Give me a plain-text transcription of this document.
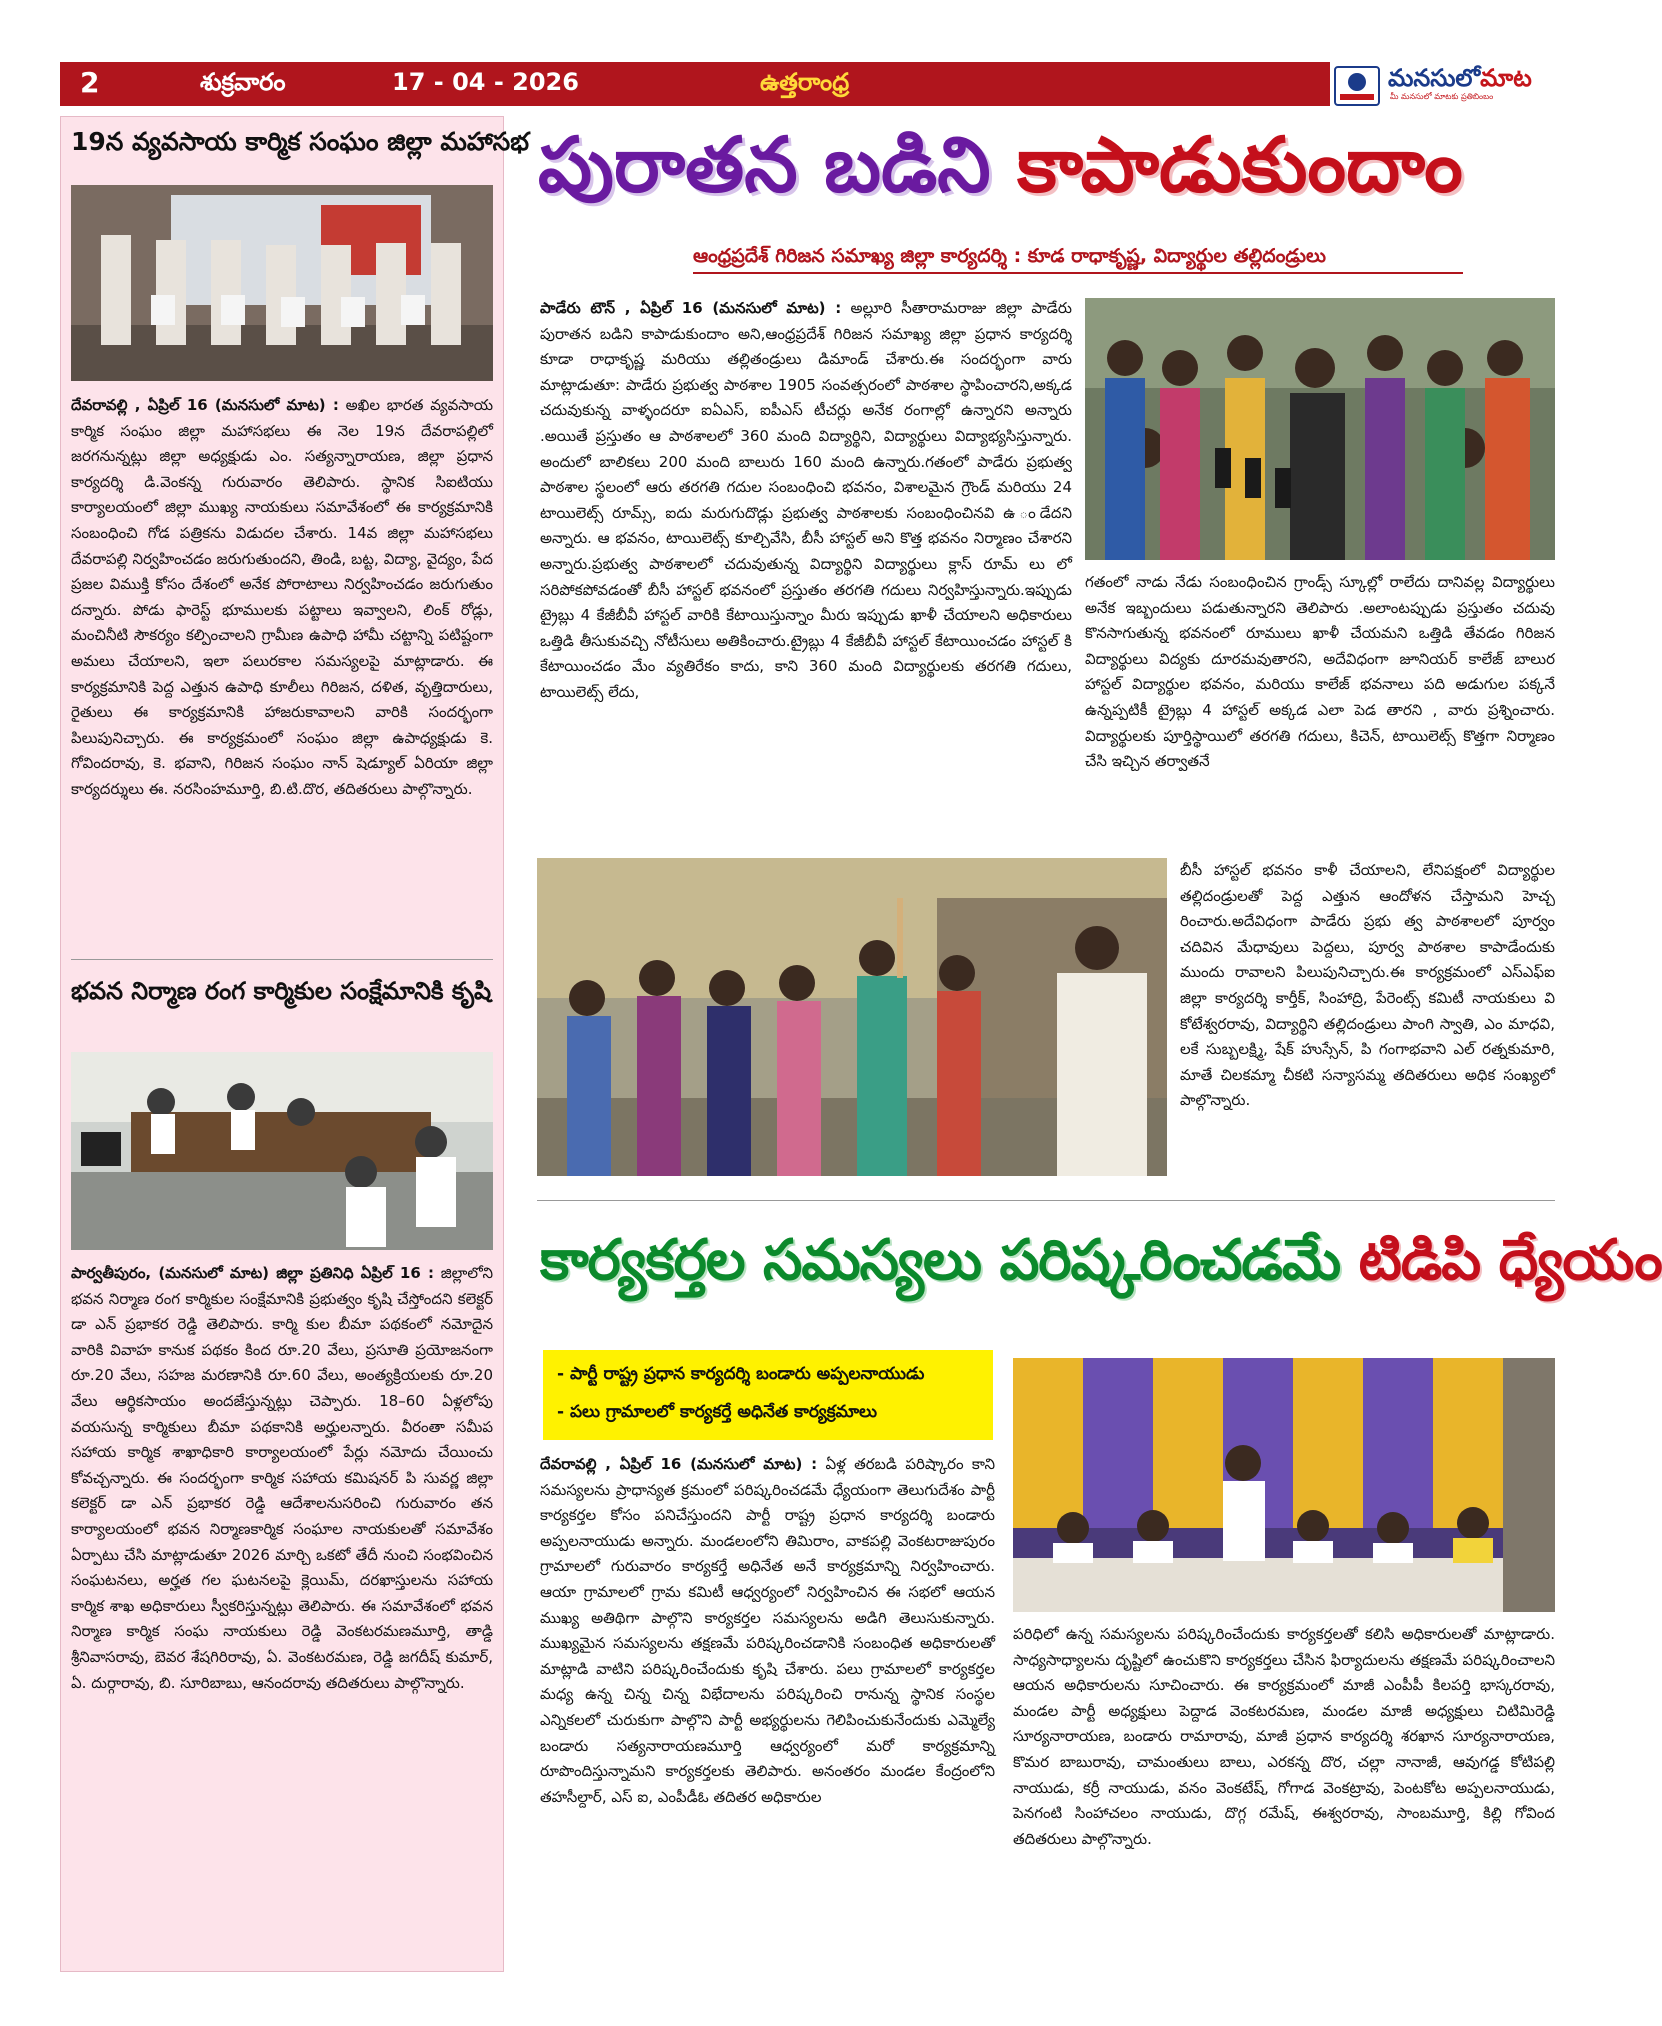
2	శుక్రవారం	17 - 04 - 2026	ఉత్తరాంధ్ర	మనసులోమాట
మీ మనసులో మాటకు ప్రతిబింబం
19న వ్యవసాయ కార్మిక సంఘం జిల్లా మహాసభ

దేవరావల్లి , ఏప్రిల్ 16 (మనసులో మాట) : అఖిల భారత వ్యవసాయ కార్మిక సంఘం జిల్లా మహాసభలు ఈ నెల 19న దేవరాపల్లిలో జరగనున్నట్లు జిల్లా అధ్యక్షుడు ఎం. సత్యన్నారాయణ, జిల్లా ప్రధాన కార్యదర్శి డి.వెంకన్న గురువారం తెలిపారు. స్థానిక సిఐటియు కార్యాలయంలో జిల్లా ముఖ్య నాయకులు సమావేశంలో ఈ కార్యక్రమానికి సంబంధించి గోడ పత్రికను విడుదల చేశారు. 14వ జిల్లా మహాసభలు దేవరాపల్లి నిర్వహించడం జరుగుతుందని, తిండి, బట్ట, విద్యా, వైద్యం, పేద ప్రజల విముక్తి కోసం దేశంలో అనేక పోరాటాలు నిర్వహించడం జరుగుతుం దన్నారు. పోడు ఫారెస్ట్ భూములకు పట్టాలు ఇవ్వాలని, లింక్ రోడ్లు, మంచినీటి సౌకర్యం కల్పించాలని గ్రామీణ ఉపాధి హామీ చట్టాన్ని పటిష్టంగా అమలు చేయాలని, ఇలా పలురకాల సమస్యలపై మాట్లాడారు. ఈ కార్యక్రమానికి పెద్ద ఎత్తున ఉపాధి కూలీలు గిరిజన, దళిత, వృత్తిదారులు, రైతులు ఈ కార్యక్రమానికి హాజరుకావాలని వారికి సందర్భంగా పిలుపునిచ్చారు. ఈ కార్యక్రమంలో సంఘం జిల్లా ఉపాధ్యక్షుడు కె. గోవిందరావు, కె. భవాని, గిరిజన సంఘం నాన్ షెడ్యూల్ ఏరియా జిల్లా కార్యదర్శులు ఈ. నరసింహమూర్తి, బి.టి.దొర, తదితరులు పాల్గొన్నారు.

భవన నిర్మాణ రంగ కార్మికుల సంక్షేమానికి కృషి

పార్వతీపురం, (మనసులో మాట) జిల్లా ప్రతినిధి ఏప్రిల్ 16 : జిల్లాలోని భవన నిర్మాణ రంగ కార్మికుల సంక్షేమానికి ప్రభుత్వం కృషి చేస్తోందని కలెక్టర్ డా ఎన్ ప్రభాకర రెడ్డి తెలిపారు. కార్మి కుల బీమా పథకంలో నమోదైన వారికి వివాహ కానుక పథకం కింద రూ.20 వేలు, ప్రసూతి ప్రయోజనంగా రూ.20 వేలు, సహజ మరణానికి రూ.60 వేలు, అంత్యక్రియలకు రూ.20 వేలు ఆర్థికసాయం అందజేస్తున్నట్లు చెప్పారు. 18–60 ఏళ్లలోపు వయసున్న కార్మికులు బీమా పథకానికి అర్హులన్నారు. వీరంతా సమీప సహాయ కార్మిక శాఖాధికారి కార్యాలయంలో పేర్లు నమోదు చేయించు కోవచ్చన్నారు. ఈ సందర్భంగా కార్మిక సహాయ కమిషనర్ పి సువర్ణ జిల్లా కలెక్టర్ డా ఎన్ ప్రభాకర రెడ్డి ఆదేశాలనుసరించి గురువారం తన కార్యాలయంలో భవన నిర్మాణకార్మిక సంఘాల నాయకులతో సమావేశం ఏర్పాటు చేసి మాట్లాడుతూ 2026 మార్చి ఒకటో తేదీ నుంచి సంభవించిన సంఘటనలు, అర్హత గల ఘటనలపై క్లెయిమ్, దరఖాస్తులను సహాయ కార్మిక శాఖ అధికారులు స్వీకరిస్తున్నట్లు తెలిపారు. ఈ సమావేశంలో భవన నిర్మాణ కార్మిక సంఘ నాయకులు రెడ్డి వెంకటరమణమూర్తి, తాడ్డి శ్రీనివాసరావు, బెవర శేషగిరిరావు, ఏ. వెంకటరమణ, రెడ్డి జగదీష్ కుమార్, ఏ. దుర్గారావు, బి. సూరిబాబు, ఆనందరావు తదితరులు పాల్గొన్నారు.

పురాతన బడిని కాపాడుకుందాం
ఆంధ్రప్రదేశ్ గిరిజన సమాఖ్య జిల్లా కార్యదర్శి : కూడ రాధాకృష్ణ, విద్యార్థుల తల్లిదండ్రులు

పాడేరు టౌన్ , ఏప్రిల్ 16 (మనసులో మాట) : అల్లూరి సీతారామరాజు జిల్లా పాడేరు పురాతన బడిని కాపాడుకుందాం అని,ఆంధ్రప్రదేశ్ గిరిజన సమాఖ్య జిల్లా ప్రధాన కార్యదర్శి కూడా రాధాకృష్ణ మరియు తల్లితండ్రులు డిమాండ్ చేశారు.ఈ సందర్భంగా వారు మాట్లాడుతూ: పాడేరు ప్రభుత్వ పాఠశాల 1905 సంవత్సరంలో పాఠశాల స్థాపించారని,అక్కడ చదువుకున్న వాళ్ళందరూ ఐఏఎస్, ఐపీఎస్ టీచర్లు అనేక రంగాల్లో ఉన్నారని అన్నారు .అయితే ప్రస్తుతం ఆ పాఠశాలలో 360 మంది విద్యార్థిని, విద్యార్థులు విద్యాభ్యసిస్తున్నారు. అందులో బాలికలు 200 మంది బాలురు 160 మంది ఉన్నారు.గతంలో పాడేరు ప్రభుత్వ పాఠశాల స్థలంలో ఆరు తరగతి గదుల సంబంధించి భవనం, విశాలమైన గ్రౌండ్ మరియు 24 టాయిలెట్స్ రూమ్స్, ఐదు మరుగుదొడ్లు ప్రభుత్వ పాఠశాలకు సంబంధించినవి ఉ ండేదని అన్నారు. ఆ భవనం, టాయిలెట్స్ కూల్చివేసి, బీసీ హాస్టల్ అని కొత్త భవనం నిర్మాణం చేశారని అన్నారు.ప్రభుత్వ పాఠశాలలో చదువుతున్న విద్యార్థిని విద్యార్థులు క్లాస్ రూమ్ లు లో సరిపోకపోవడంతో బీసీ హాస్టల్ భవనంలో ప్రస్తుతం తరగతి గదులు నిర్వహిస్తున్నారు.ఇప్పుడు ట్రైబ్లు 4 కేజీబీవీ హాస్టల్ వారికి కేటాయిస్తున్నాం మీరు ఇప్పుడు ఖాళీ చేయాలని అధికారులు ఒత్తిడి తీసుకువచ్చి నోటీసులు అతికించారు.ట్రైబ్లు 4 కేజీబీవీ హాస్టల్ కేటాయించడం హాస్టల్ కి కేటాయించడం మేం వ్యతిరేకం కాదు, కాని 360 మంది విద్యార్థులకు తరగతి గదులు, టాయిలెట్స్ లేదు,

గతంలో నాడు నేడు సంబంధించిన గ్రాండ్స్ స్కూల్లో రాలేదు దానివల్ల విద్యార్థులు అనేక ఇబ్బందులు పడుతున్నారని తెలిపారు .అలాంటప్పుడు ప్రస్తుతం చదువు కొనసాగుతున్న భవనంలో రూములు ఖాళీ చేయమని ఒత్తిడి తేవడం గిరిజన విద్యార్థులు విద్యకు దూరమవుతారని, అదేవిధంగా జూనియర్ కాలేజ్ బాలుర హాస్టల్ విద్యార్థుల భవనం, మరియు కాలేజ్ భవనాలు పది అడుగుల పక్కనే ఉన్నప్పటికీ ట్రైబ్లు 4 హాస్టల్ అక్కడ ఎలా పెడ తారని , వారు ప్రశ్నించారు. విద్యార్థులకు పూర్తిస్థాయిలో తరగతి గదులు, కిచెన్, టాయిలెట్స్ కొత్తగా నిర్మాణం చేసి ఇచ్చిన తర్వాతనే

బీసీ హాస్టల్ భవనం కాళీ చేయాలని, లేనిపక్షంలో విద్యార్థుల తల్లిదండ్రులతో పెద్ద ఎత్తున ఆందోళన చేస్తామని హెచ్చ రించారు.అదేవిధంగా పాడేరు ప్రభు త్వ పాఠశాలలో పూర్వం చదివిన మేధావులు పెద్దలు, పూర్వ పాఠశాల కాపాడేందుకు ముందు రావాలని పిలుపునిచ్చారు.ఈ కార్యక్రమంలో ఎస్ఎఫ్ఐ జిల్లా కార్యదర్శి కార్తీక్, సింహాద్రి, పేరెంట్స్ కమిటీ నాయకులు వి కోటేశ్వరరావు, విద్యార్థిని తల్లిదండ్రులు పాంగి స్వాతి, ఎం మాధవి, లకే సుబ్బలక్ష్మి, షేక్ హుస్సేన్, పి గంగాభవాని ఎల్ రత్నకుమారి, మాతే చిలకమ్మా చీకటి సన్యాసమ్మ తదితరులు అధిక సంఖ్యలో పాల్గొన్నారు.

కార్యకర్తల సమస్యలు పరిష్కరించడమే టిడిపి ధ్యేయం
- పార్టీ రాష్ట్ర ప్రధాన కార్యదర్శి బండారు అప్పలనాయుడు
- పలు గ్రామాలలో కార్యకర్తే అధినేత కార్యక్రమాలు

దేవరావల్లి , ఏప్రిల్ 16 (మనసులో మాట) : ఏళ్ల తరబడి పరిష్కారం కాని సమస్యలను ప్రాధాన్యత క్రమంలో పరిష్కరించడమే ధ్యేయంగా తెలుగుదేశం పార్టీ కార్యకర్తల కోసం పనిచేస్తుందని పార్టీ రాష్ట్ర ప్రధాన కార్యదర్శి బండారు అప్పలనాయుడు అన్నారు. మండలంలోని తిమిరాం, వాకపల్లి వెంకటరాజుపురం గ్రామాలలో గురువారం కార్యకర్తే అధినేత అనే కార్యక్రమాన్ని నిర్వహించారు. ఆయా గ్రామాలలో గ్రామ కమిటీ ఆధ్వర్యంలో నిర్వహించిన ఈ సభలో ఆయన ముఖ్య అతిథిగా పాల్గొని కార్యకర్తల సమస్యలను అడిగి తెలుసుకున్నారు. ముఖ్యమైన సమస్యలను తక్షణమే పరిష్కరించడానికి సంబంధిత అధికారులతో మాట్లాడి వాటిని పరిష్కరించేందుకు కృషి చేశారు. పలు గ్రామాలలో కార్యకర్తల మధ్య ఉన్న చిన్న చిన్న విభేదాలను పరిష్కరించి రానున్న స్థానిక సంస్థల ఎన్నికలలో చురుకుగా పాల్గొని పార్టీ అభ్యర్థులను గెలిపించుకునేందుకు ఎమ్మెల్యే బండారు సత్యనారాయణమూర్తి ఆధ్వర్యంలో మరో కార్యక్రమాన్ని రూపొందిస్తున్నామని కార్యకర్తలకు తెలిపారు. అనంతరం మండల కేంద్రంలోని తహసీల్దార్, ఎస్ ఐ, ఎంపీడీఓ తదితర అధికారుల

పరిధిలో ఉన్న సమస్యలను పరిష్కరించేందుకు కార్యకర్తలతో కలిసి అధికారులతో మాట్లాడారు. సాధ్యసాధ్యాలను దృష్టిలో ఉంచుకొని కార్యకర్తలు చేసిన ఫిర్యాదులను తక్షణమే పరిష్కరించాలని ఆయన అధికారులను సూచించారు. ఈ కార్యక్రమంలో మాజీ ఎంపీపీ కిలపర్తి భాస్కరరావు, మండల పార్టీ అధ్యక్షులు పెద్దాడ వెంకటరమణ, మండల మాజీ అధ్యక్షులు చిటిమిరెడ్డి సూర్యనారాయణ, బండారు రామారావు, మాజీ ప్రధాన కార్యదర్శి శరఖాన సూర్యనారాయణ, కొమర బాబురావు, చామంతులు బాలు, ఎరకన్న దొర, చల్లా నానాజీ, ఆవుగడ్డ కోటిపల్లి నాయుడు, కర్రీ నాయుడు, వనం వెంకటేష్, గోగాడ వెంకట్రావు, పెంటకోట అప్పలనాయుడు, పెనగంటి సింహాచలం నాయుడు, దొగ్గ రమేష్, ఈశ్వరరావు, సాంబమూర్తి, కిల్లి గోవింద తదితరులు పాల్గొన్నారు.
